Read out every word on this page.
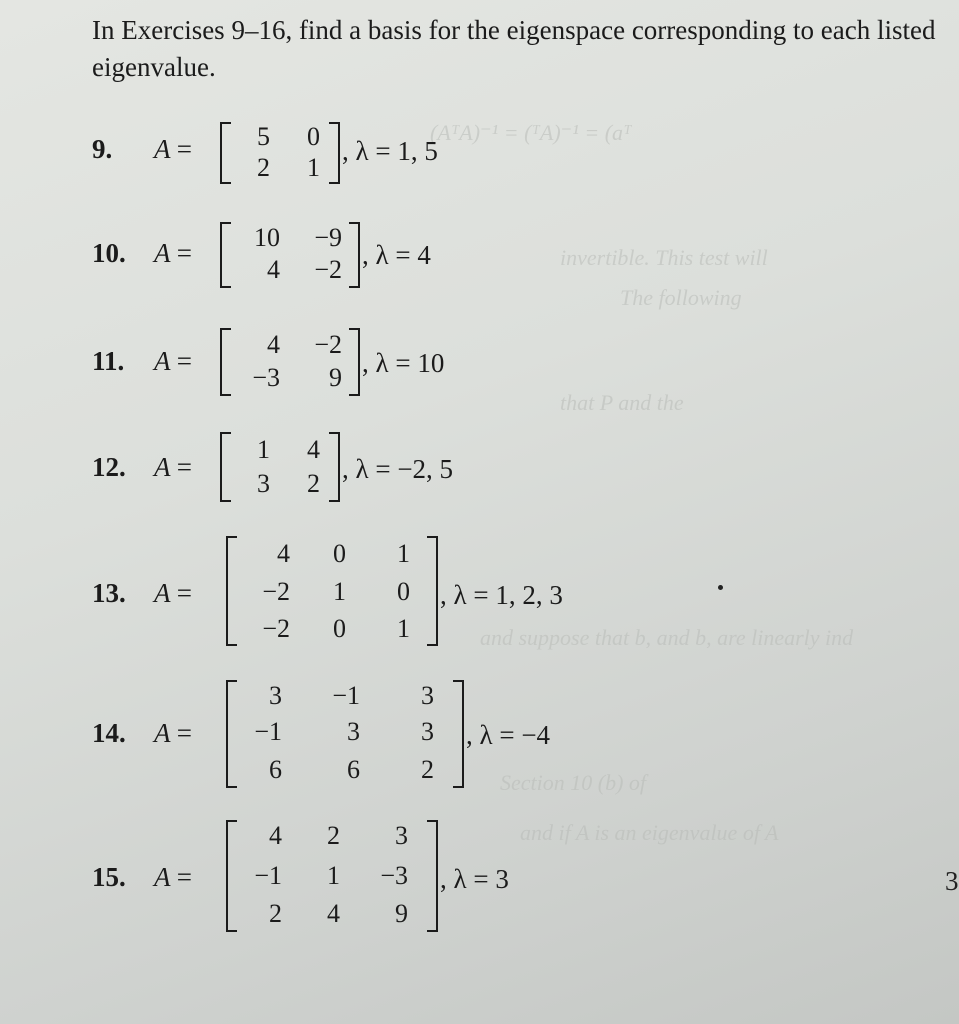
(AᵀA)⁻¹ = (ᵀA)⁻¹ = (aᵀ
invertible. This test will
The following
that P and the
and suppose that b, and b, are linearly ind
Section 10 (b) of
and if A is an eigenvalue of A
In Exercises 9–16, find a basis for the eigenspace corresponding to each listed eigenvalue.
9. A =	5	0
2	1
, λ = 1, 5
10. A =
10	−9
4	−2 , λ = 4
11. A =
4	−2
−3	9 , λ = 10
12. A =
1	4
3	2 , λ = −2, 5
13. A =
4	0	1
−2	1	0
−2	0	1
, λ = 1, 2, 3
14. A =
3	−1	3
−1	3	3
6	6	2
, λ = −4
15. A =
4	2	3
−1	1	−3
2	4	9
, λ = 3	3
